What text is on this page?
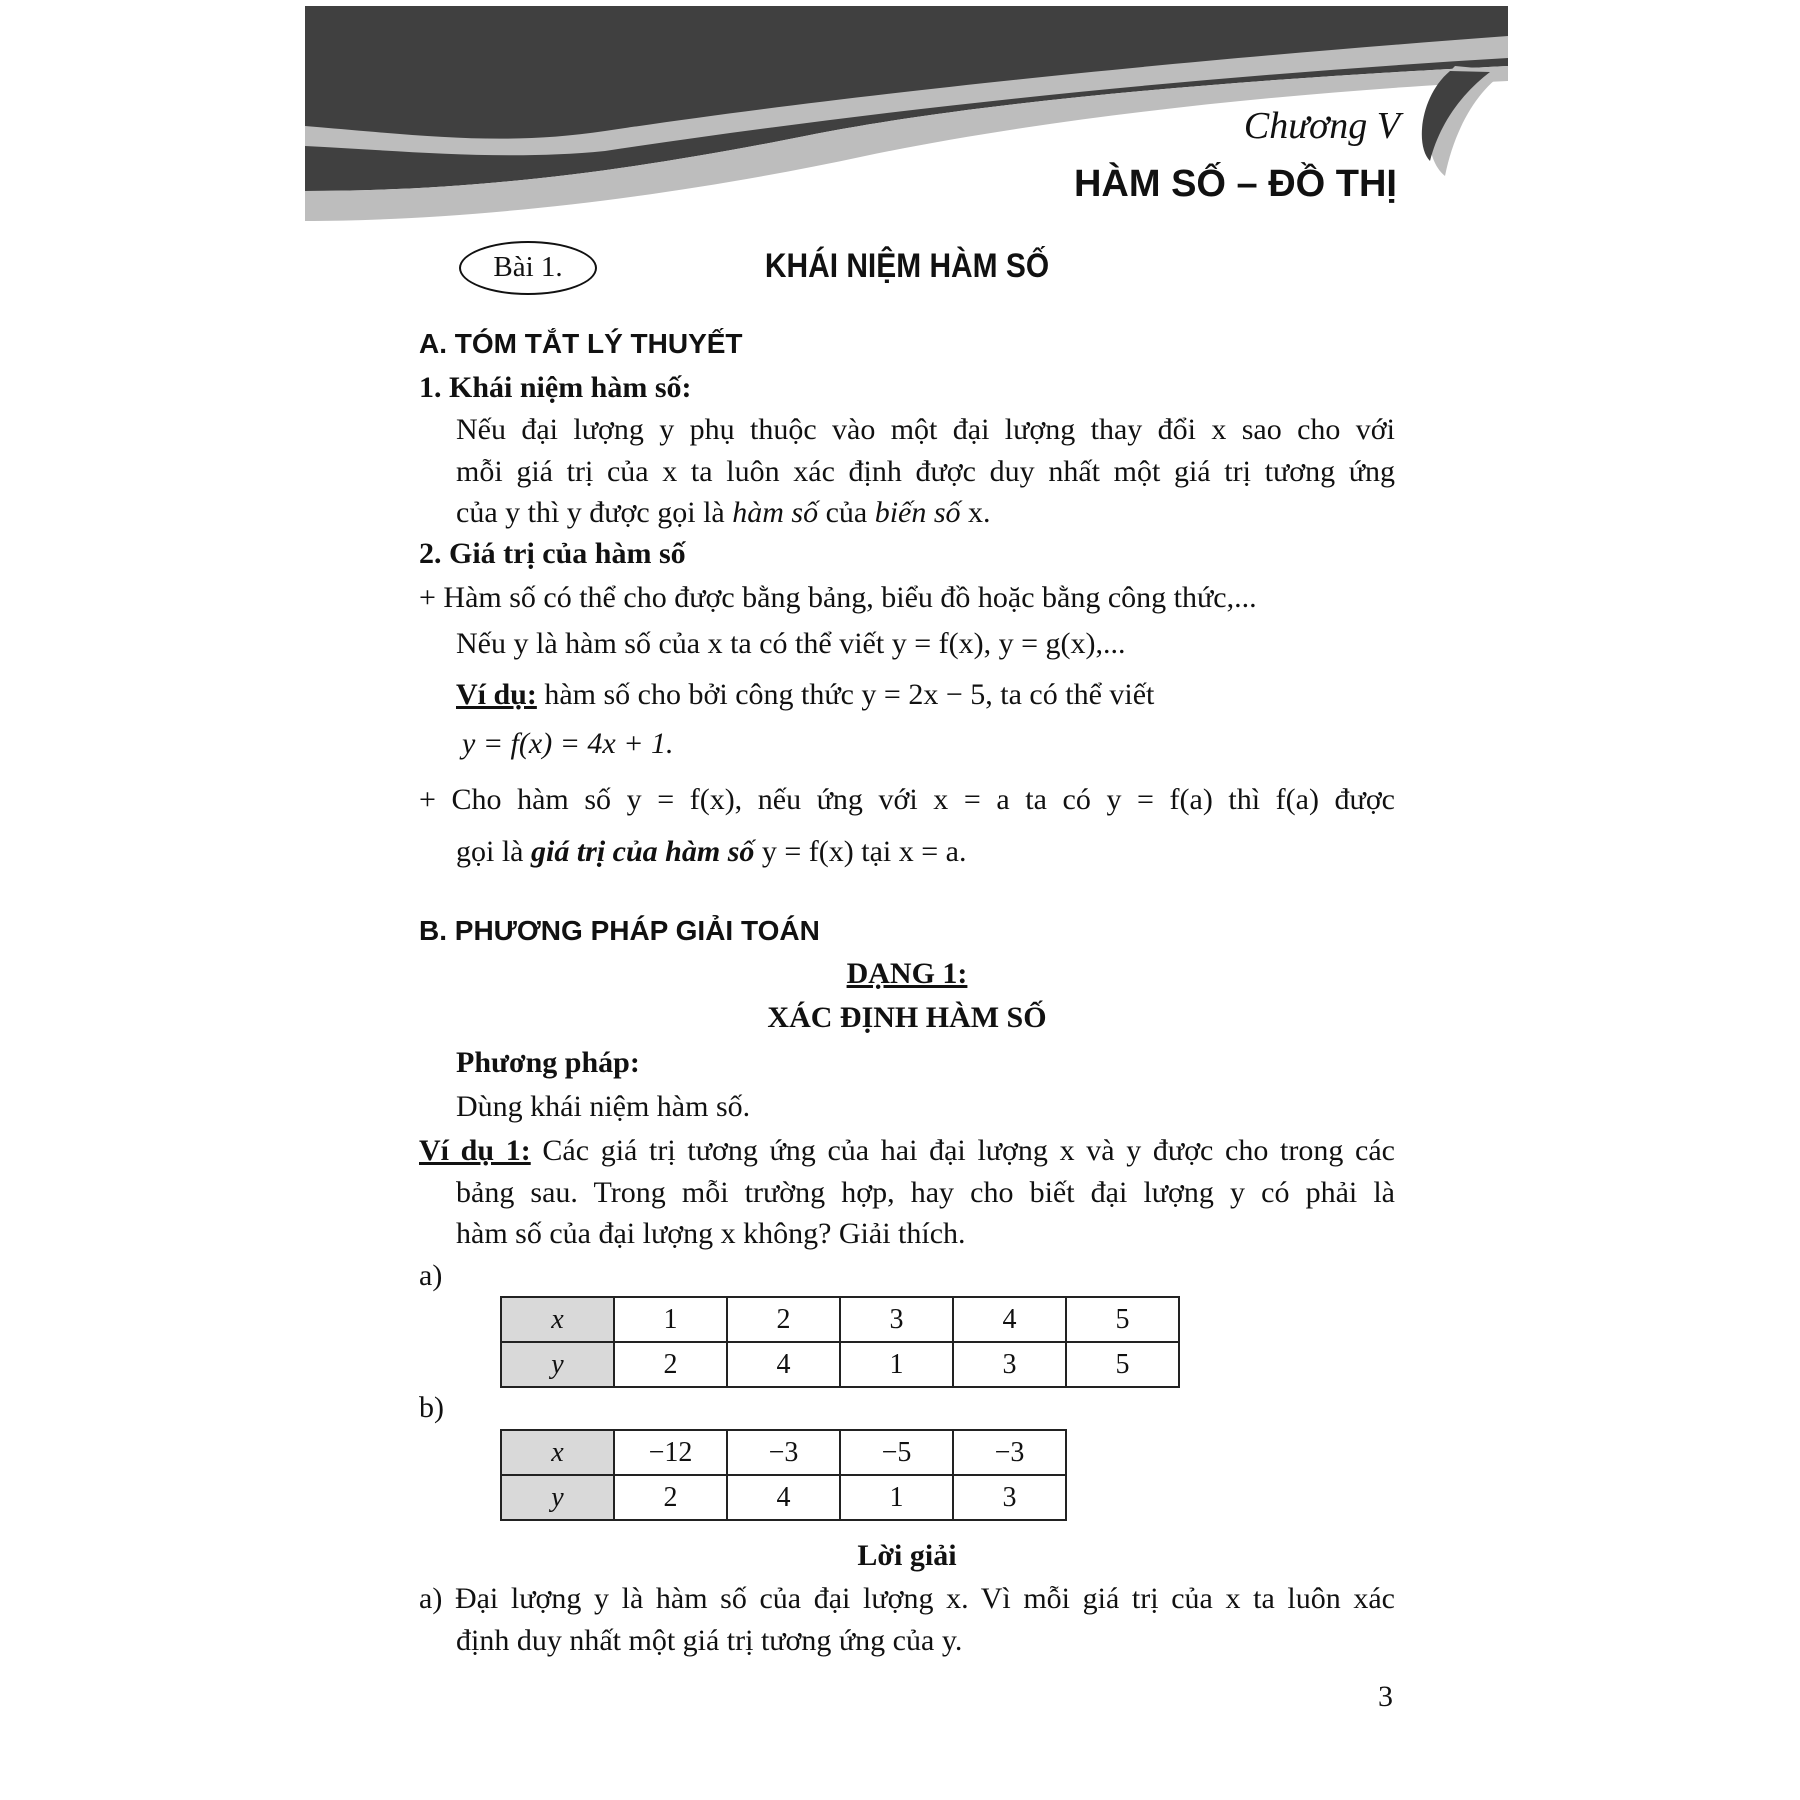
Chương V
HÀM SỐ – ĐỒ THỊ
Bài 1.	KHÁI NIỆM HÀM SỐ
A. TÓM TẮT LÝ THUYẾT
1. Khái niệm hàm số:
Nếu đại lượng y phụ thuộc vào một đại lượng thay đổi x sao cho với
mỗi giá trị của x ta luôn xác định được duy nhất một giá trị tương ứng
của y thì y được gọi là hàm số của biến số x.
2. Giá trị của hàm số
+ Hàm số có thể cho được bằng bảng, biểu đồ hoặc bằng công thức,...
Nếu y là hàm số của x ta có thể viết y = f(x), y = g(x),...
Ví dụ: hàm số cho bởi công thức y = 2x − 5, ta có thể viết
y = f(x) = 4x + 1.
+ Cho hàm số y = f(x), nếu ứng với x = a ta có y = f(a) thì f(a) được
gọi là giá trị của hàm số y = f(x) tại x = a.
B. PHƯƠNG PHÁP GIẢI TOÁN
DẠNG 1:
XÁC ĐỊNH HÀM SỐ
Phương pháp:
Dùng khái niệm hàm số.
Ví dụ 1: Các giá trị tương ứng của hai đại lượng x và y được cho trong các
bảng sau. Trong mỗi trường hợp, hay cho biết đại lượng y có phải là
hàm số của đại lượng x không? Giải thích.
a)
x	1	2	3	4	5
y	2	4	1	3	5
b)
x	−12	−3	−5	−3
y	2	4	1	3
Lời giải
a) Đại lượng y là hàm số của đại lượng x. Vì mỗi giá trị của x ta luôn xác
định duy nhất một giá trị tương ứng của y.
3
